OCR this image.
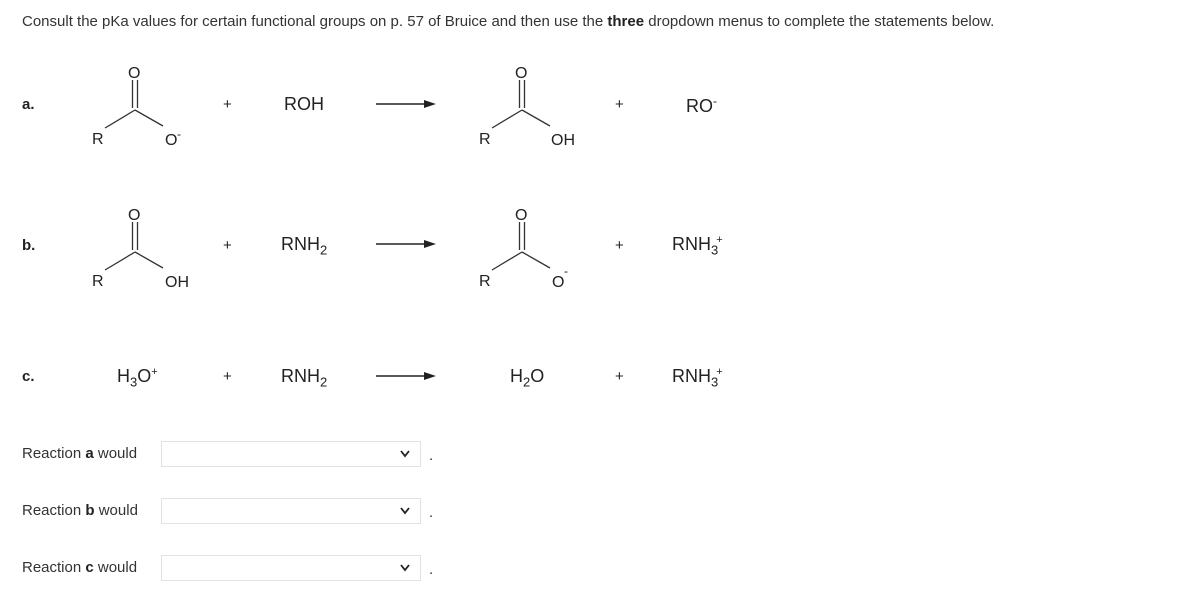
Consult the pKa values for certain functional groups on p. 57 of Bruice and then use the three dropdown menus to complete the statements below.
a.
O
R	O -
+	ROH
O
R	OH
+	RO-
b.
O
R	OH
+	$RNH_2$
O
R	O
-
+	$RNH_3^+$
c.	$H_3O^+$	+	$RNH_2$	$H_2O$	+	$RNH_3^+$
Reaction a would	.
Reaction b would	.
Reaction c would	.
